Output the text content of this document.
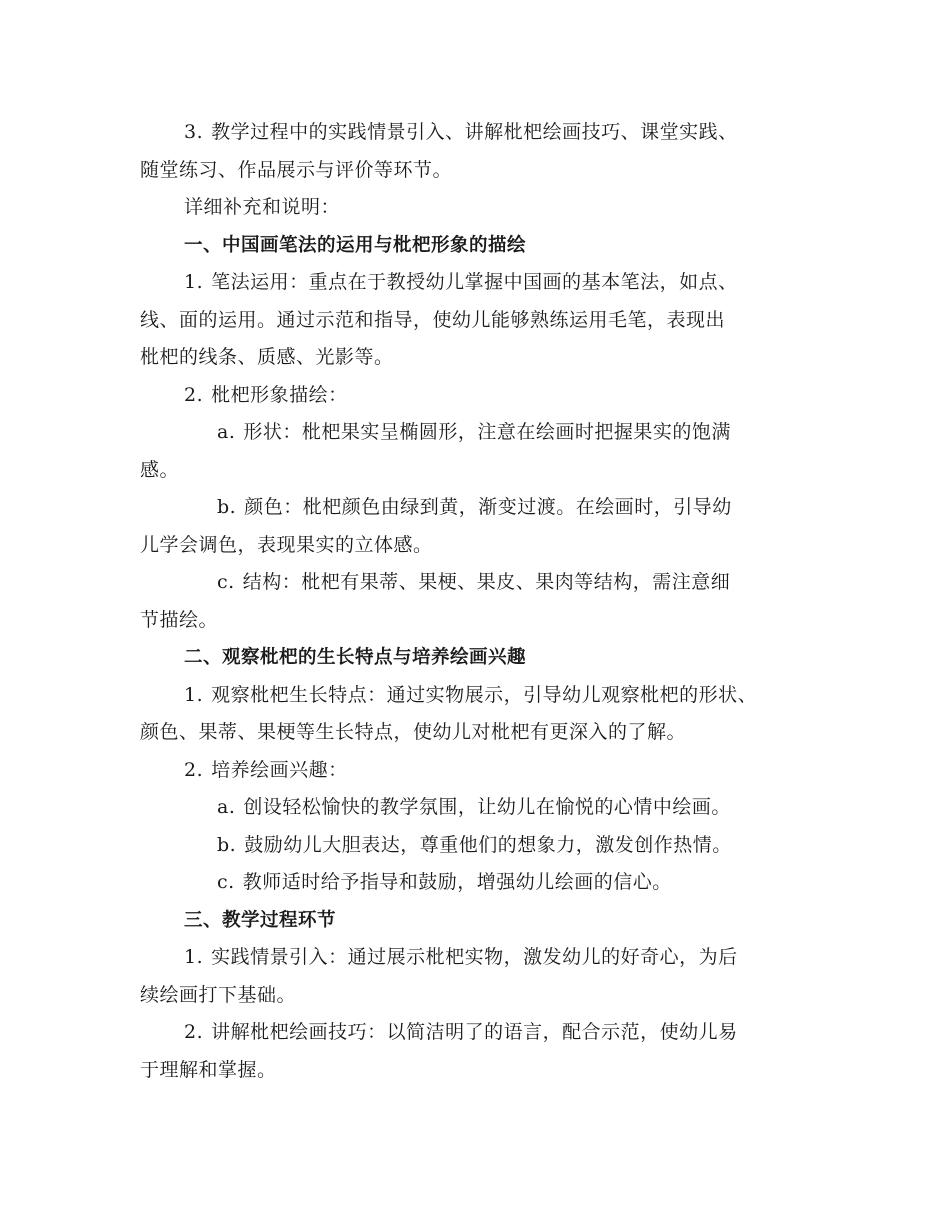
3. 教学过程中的实践情景引入、讲解枇杷绘画技巧、课堂实践、
随堂练习、作品展示与评价等环节。
详细补充和说明：
一、中国画笔法的运用与枇杷形象的描绘
1. 笔法运用：重点在于教授幼儿掌握中国画的基本笔法，如点、
线、面的运用。通过示范和指导，使幼儿能够熟练运用毛笔，表现出
枇杷的线条、质感、光影等。
2. 枇杷形象描绘：
a. 形状：枇杷果实呈椭圆形，注意在绘画时把握果实的饱满
感。
b. 颜色：枇杷颜色由绿到黄，渐变过渡。在绘画时，引导幼
儿学会调色，表现果实的立体感。
c. 结构：枇杷有果蒂、果梗、果皮、果肉等结构，需注意细
节描绘。
二、观察枇杷的生长特点与培养绘画兴趣
1. 观察枇杷生长特点：通过实物展示，引导幼儿观察枇杷的形状、
颜色、果蒂、果梗等生长特点，使幼儿对枇杷有更深入的了解。
2. 培养绘画兴趣：
a. 创设轻松愉快的教学氛围，让幼儿在愉悦的心情中绘画。
b. 鼓励幼儿大胆表达，尊重他们的想象力，激发创作热情。
c. 教师适时给予指导和鼓励，增强幼儿绘画的信心。
三、教学过程环节
1. 实践情景引入：通过展示枇杷实物，激发幼儿的好奇心，为后
续绘画打下基础。
2. 讲解枇杷绘画技巧：以简洁明了的语言，配合示范，使幼儿易
于理解和掌握。
